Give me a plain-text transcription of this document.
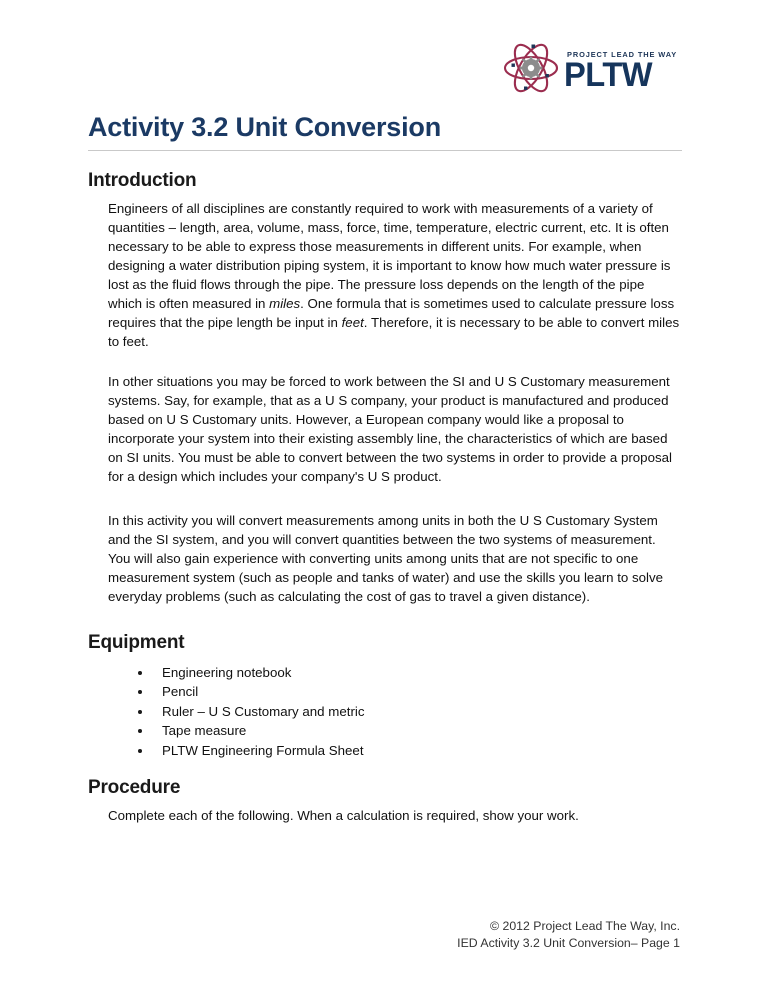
PROJECT LEAD THE WAY
PLTW
Activity 3.2 Unit Conversion
Introduction

Engineers of all disciplines are constantly required to work with measurements of a variety of quantities – length, area, volume, mass, force, time, temperature, electric current, etc. It is often necessary to be able to express those measurements in different units. For example, when designing a water distribution piping system, it is important to know how much water pressure is lost as the fluid flows through the pipe. The pressure loss depends on the length of the pipe which is often measured in miles. One formula that is sometimes used to calculate pressure loss requires that the pipe length be input in feet. Therefore, it is necessary to be able to convert miles to feet.

In other situations you may be forced to work between the SI and U S Customary measurement systems. Say, for example, that as a U S company, your product is manufactured and produced based on U S Customary units. However, a European company would like a proposal to incorporate your system into their existing assembly line, the characteristics of which are based on SI units. You must be able to convert between the two systems in order to provide a proposal for a design which includes your company's U S product.

In this activity you will convert measurements among units in both the U S Customary System and the SI system, and you will convert quantities between the two systems of measurement. You will also gain experience with converting units among units that are not specific to one measurement system (such as people and tanks of water) and use the skills you learn to solve everyday problems (such as calculating the cost of gas to travel a given distance).

Equipment
Engineering notebook
Pencil
Ruler – U S Customary and metric
Tape measure
PLTW Engineering Formula Sheet
Procedure

Complete each of the following. When a calculation is required, show your work.

© 2012 Project Lead The Way, Inc.
IED Activity 3.2 Unit Conversion– Page 1
